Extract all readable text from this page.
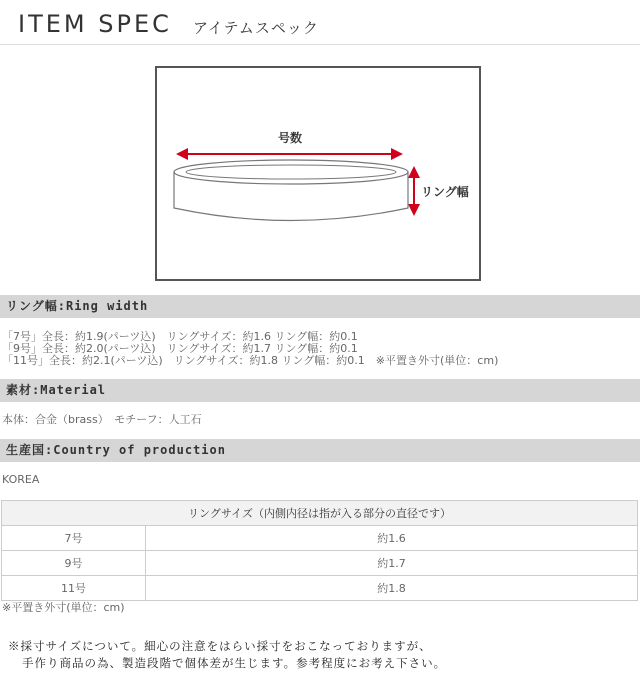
ITEM SPEC アイテムスペック
号数
リング幅
リング幅:Ring width
「7号」全長：約1.9(パーツ込)　リングサイズ：約1.6 リング幅：約0.1
「9号」全長：約2.0(パーツ込)　リングサイズ：約1.7 リング幅：約0.1
「11号」全長：約2.1(パーツ込)　リングサイズ：約1.8 リング幅：約0.1　※平置き外寸(単位：cm)
素材:Material
本体：合金（brass）　モチーフ：人工石
生産国:Country of production
KOREA
リングサイズ（内側内径は指が入る部分の直径です）	
7号	約1.6
9号	約1.7
11号	約1.8
※平置き外寸(単位：cm)
※採寸サイズについて。細心の注意をはらい採寸をおこなっておりますが、
手作り商品の為、製造段階で個体差が生じます。参考程度にお考え下さい。
